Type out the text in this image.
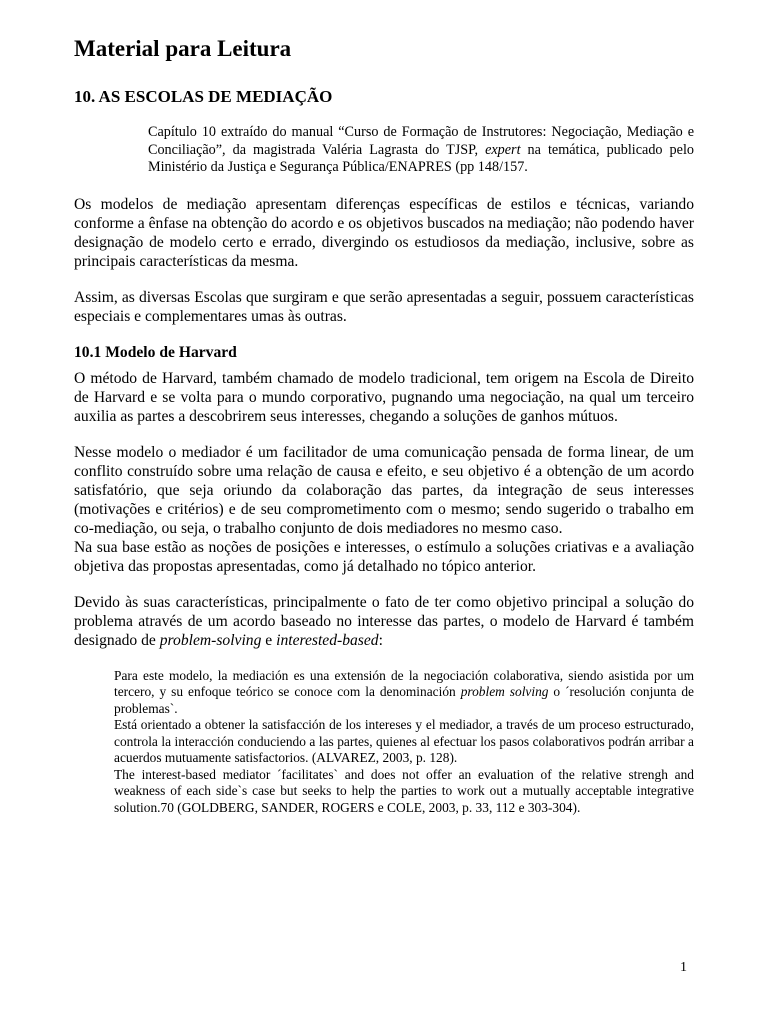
Material para Leitura
10. AS ESCOLAS DE MEDIAÇÃO
Capítulo 10 extraído do manual “Curso de Formação de Instrutores: Negociação, Mediação e Conciliação”, da magistrada Valéria Lagrasta do TJSP, expert na temática, publicado pelo Ministério da Justiça e Segurança Pública/ENAPRES (pp 148/157.

Os modelos de mediação apresentam diferenças específicas de estilos e técnicas, variando conforme a ênfase na obtenção do acordo e os objetivos buscados na mediação; não podendo haver designação de modelo certo e errado, divergindo os estudiosos da mediação, inclusive, sobre as principais características da mesma.

Assim, as diversas Escolas que surgiram e que serão apresentadas a seguir, possuem características especiais e complementares umas às outras.

10.1 Modelo de Harvard

O método de Harvard, também chamado de modelo tradicional, tem origem na Escola de Direito de Harvard e se volta para o mundo corporativo, pugnando uma negociação, na qual um terceiro auxilia as partes a descobrirem seus interesses, chegando a soluções de ganhos mútuos.

Nesse modelo o mediador é um facilitador de uma comunicação pensada de forma linear, de um conflito construído sobre uma relação de causa e efeito, e seu objetivo é a obtenção de um acordo satisfatório, que seja oriundo da colaboração das partes, da integração de seus interesses (motivações e critérios) e de seu comprometimento com o mesmo; sendo sugerido o trabalho em co-mediação, ou seja, o trabalho conjunto de dois mediadores no mesmo caso.

Na sua base estão as noções de posições e interesses, o estímulo a soluções criativas e a avaliação objetiva das propostas apresentadas, como já detalhado no tópico anterior.

Devido às suas características, principalmente o fato de ter como objetivo principal a solução do problema através de um acordo baseado no interesse das partes, o modelo de Harvard é também designado de problem-solving e interested-based:

Para este modelo, la mediación es una extensión de la negociación colaborativa, siendo asistida por um tercero, y su enfoque teórico se conoce com la denominación problem solving o ´resolución conjunta de problemas`.

Está orientado a obtener la satisfacción de los intereses y el mediador, a través de um proceso estructurado, controla la interacción conduciendo a las partes, quienes al efectuar los pasos colaborativos podrán arribar a acuerdos mutuamente satisfactorios. (ALVAREZ, 2003, p. 128).

The interest-based mediator ´facilitates` and does not offer an evaluation of the relative strengh and weakness of each side`s case but seeks to help the parties to work out a mutually acceptable integrative solution.70 (GOLDBERG, SANDER, ROGERS e COLE, 2003, p. 33, 112 e 303-304).

1
